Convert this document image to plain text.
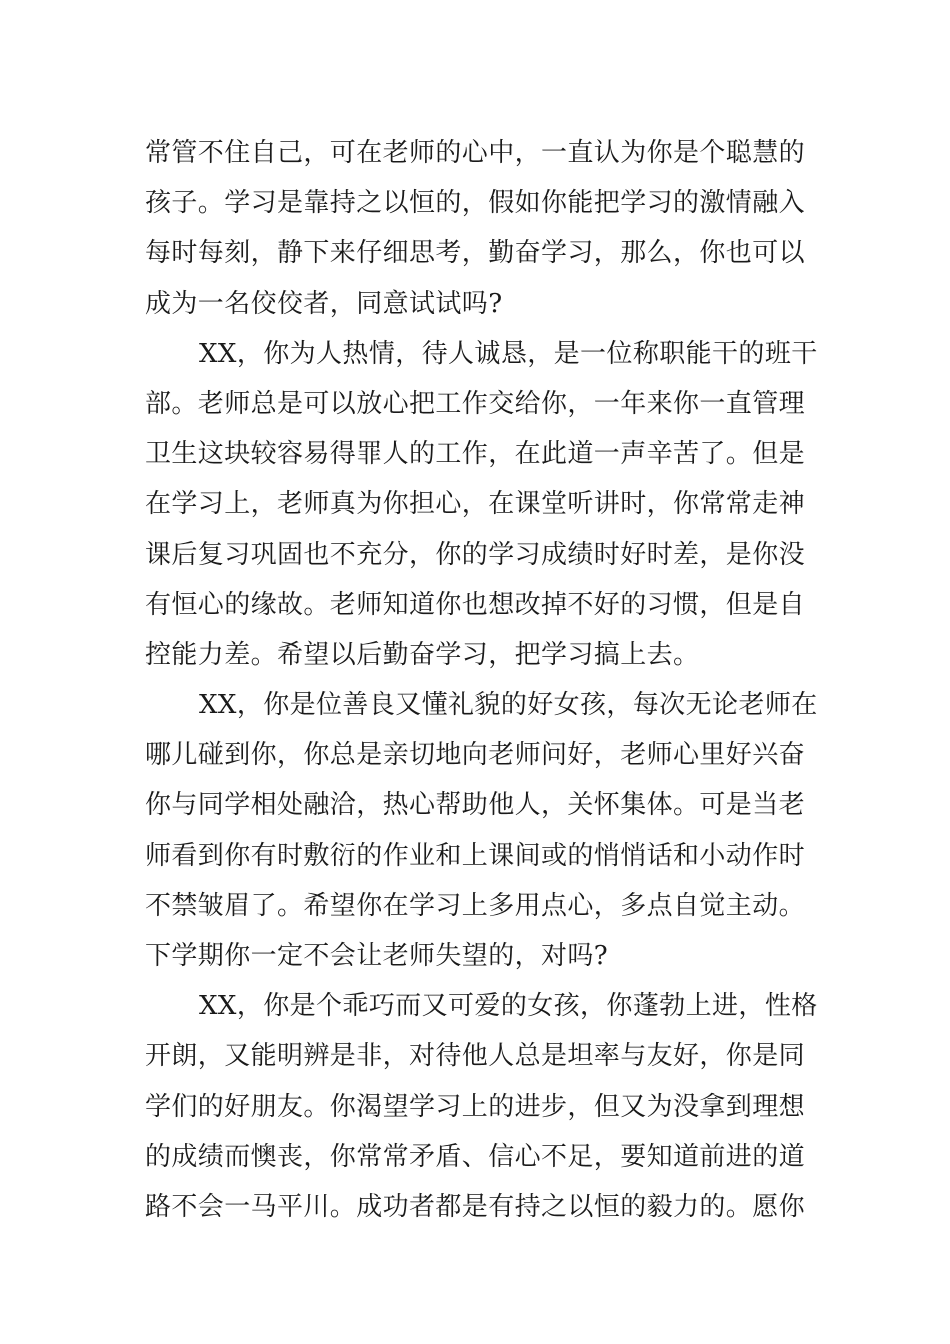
常管不住自己，可在老师的心中，一直认为你是个聪慧的
孩子。学习是靠持之以恒的，假如你能把学习的激情融入
每时每刻，静下来仔细思考，勤奋学习，那么，你也可以
成为一名佼佼者，同意试试吗?
XX，你为人热情，待人诚恳，是一位称职能干的班干
部。老师总是可以放心把工作交给你，一年来你一直管理
卫生这块较容易得罪人的工作，在此道一声辛苦了。但是
在学习上，老师真为你担心，在课堂听讲时，你常常走神
课后复习巩固也不充分，你的学习成绩时好时差，是你没
有恒心的缘故。老师知道你也想改掉不好的习惯，但是自
控能力差。希望以后勤奋学习，把学习搞上去。
XX，你是位善良又懂礼貌的好女孩，每次无论老师在
哪儿碰到你，你总是亲切地向老师问好，老师心里好兴奋
你与同学相处融洽，热心帮助他人，关怀集体。可是当老
师看到你有时敷衍的作业和上课间或的悄悄话和小动作时
不禁皱眉了。希望你在学习上多用点心，多点自觉主动。
下学期你一定不会让老师失望的，对吗?
XX，你是个乖巧而又可爱的女孩，你蓬勃上进，性格
开朗，又能明辨是非，对待他人总是坦率与友好，你是同
学们的好朋友。你渴望学习上的进步，但又为没拿到理想
的成绩而懊丧，你常常矛盾、信心不足，要知道前进的道
路不会一马平川。成功者都是有持之以恒的毅力的。愿你
